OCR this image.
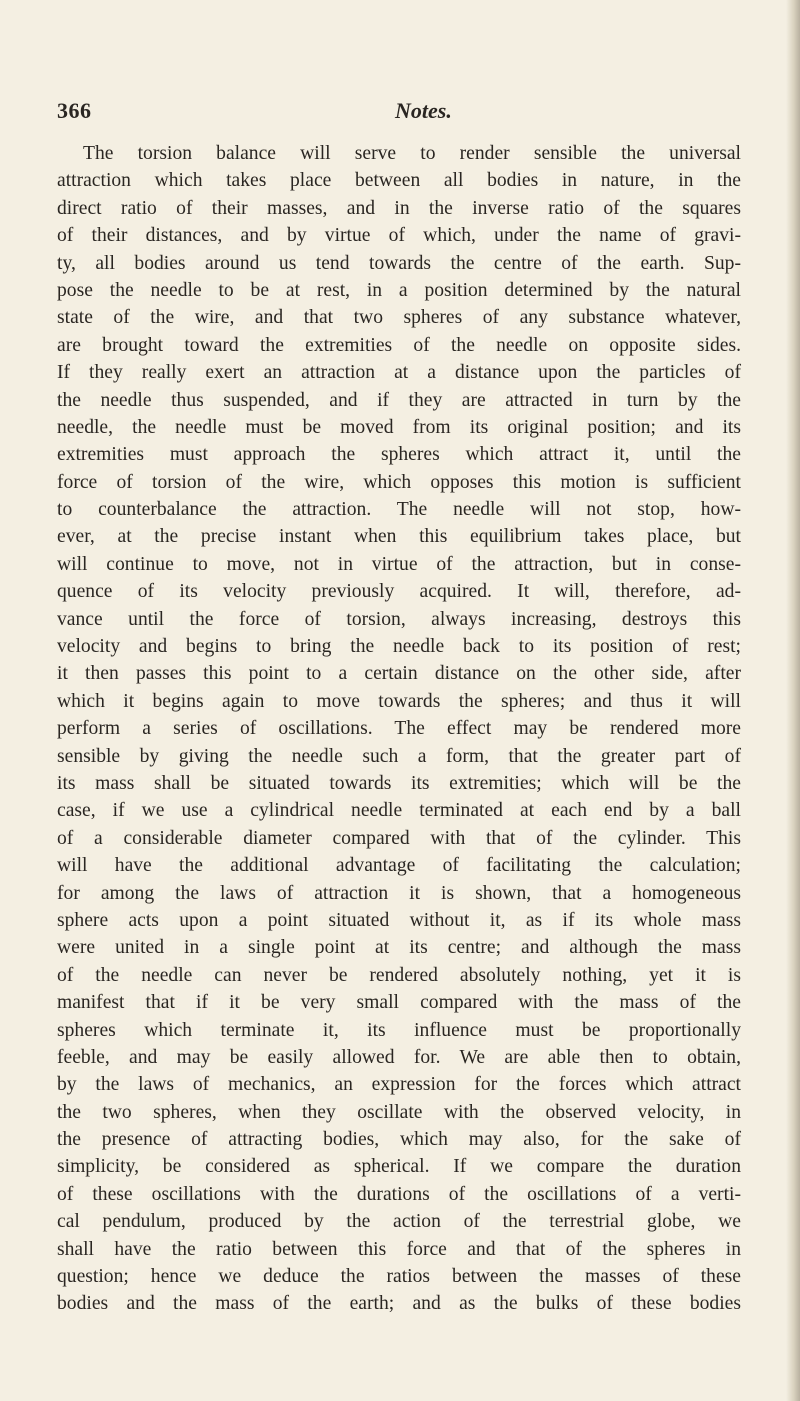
366	Notes.
The torsion balance will serve to render sensible the universal
attraction which takes place between all bodies in nature, in the
direct ratio of their masses, and in the inverse ratio of the squares
of their distances, and by virtue of which, under the name of gravi-
ty, all bodies around us tend towards the centre of the earth. Sup-
pose the needle to be at rest, in a position determined by the natural
state of the wire, and that two spheres of any substance whatever,
are brought toward the extremities of the needle on opposite sides.
If they really exert an attraction at a distance upon the particles of
the needle thus suspended, and if they are attracted in turn by the
needle, the needle must be moved from its original position; and its
extremities must approach the spheres which attract it, until the
force of torsion of the wire, which opposes this motion is sufficient
to counterbalance the attraction. The needle will not stop, how-
ever, at the precise instant when this equilibrium takes place, but
will continue to move, not in virtue of the attraction, but in conse-
quence of its velocity previously acquired. It will, therefore, ad-
vance until the force of torsion, always increasing, destroys this
velocity and begins to bring the needle back to its position of rest;
it then passes this point to a certain distance on the other side, after
which it begins again to move towards the spheres; and thus it will
perform a series of oscillations. The effect may be rendered more
sensible by giving the needle such a form, that the greater part of
its mass shall be situated towards its extremities; which will be the
case, if we use a cylindrical needle terminated at each end by a ball
of a considerable diameter compared with that of the cylinder. This
will have the additional advantage of facilitating the calculation;
for among the laws of attraction it is shown, that a homogeneous
sphere acts upon a point situated without it, as if its whole mass
were united in a single point at its centre; and although the mass
of the needle can never be rendered absolutely nothing, yet it is
manifest that if it be very small compared with the mass of the
spheres which terminate it, its influence must be proportionally
feeble, and may be easily allowed for. We are able then to obtain,
by the laws of mechanics, an expression for the forces which attract
the two spheres, when they oscillate with the observed velocity, in
the presence of attracting bodies, which may also, for the sake of
simplicity, be considered as spherical. If we compare the duration
of these oscillations with the durations of the oscillations of a verti-
cal pendulum, produced by the action of the terrestrial globe, we
shall have the ratio between this force and that of the spheres in
question; hence we deduce the ratios between the masses of these
bodies and the mass of the earth; and as the bulks of these bodies
